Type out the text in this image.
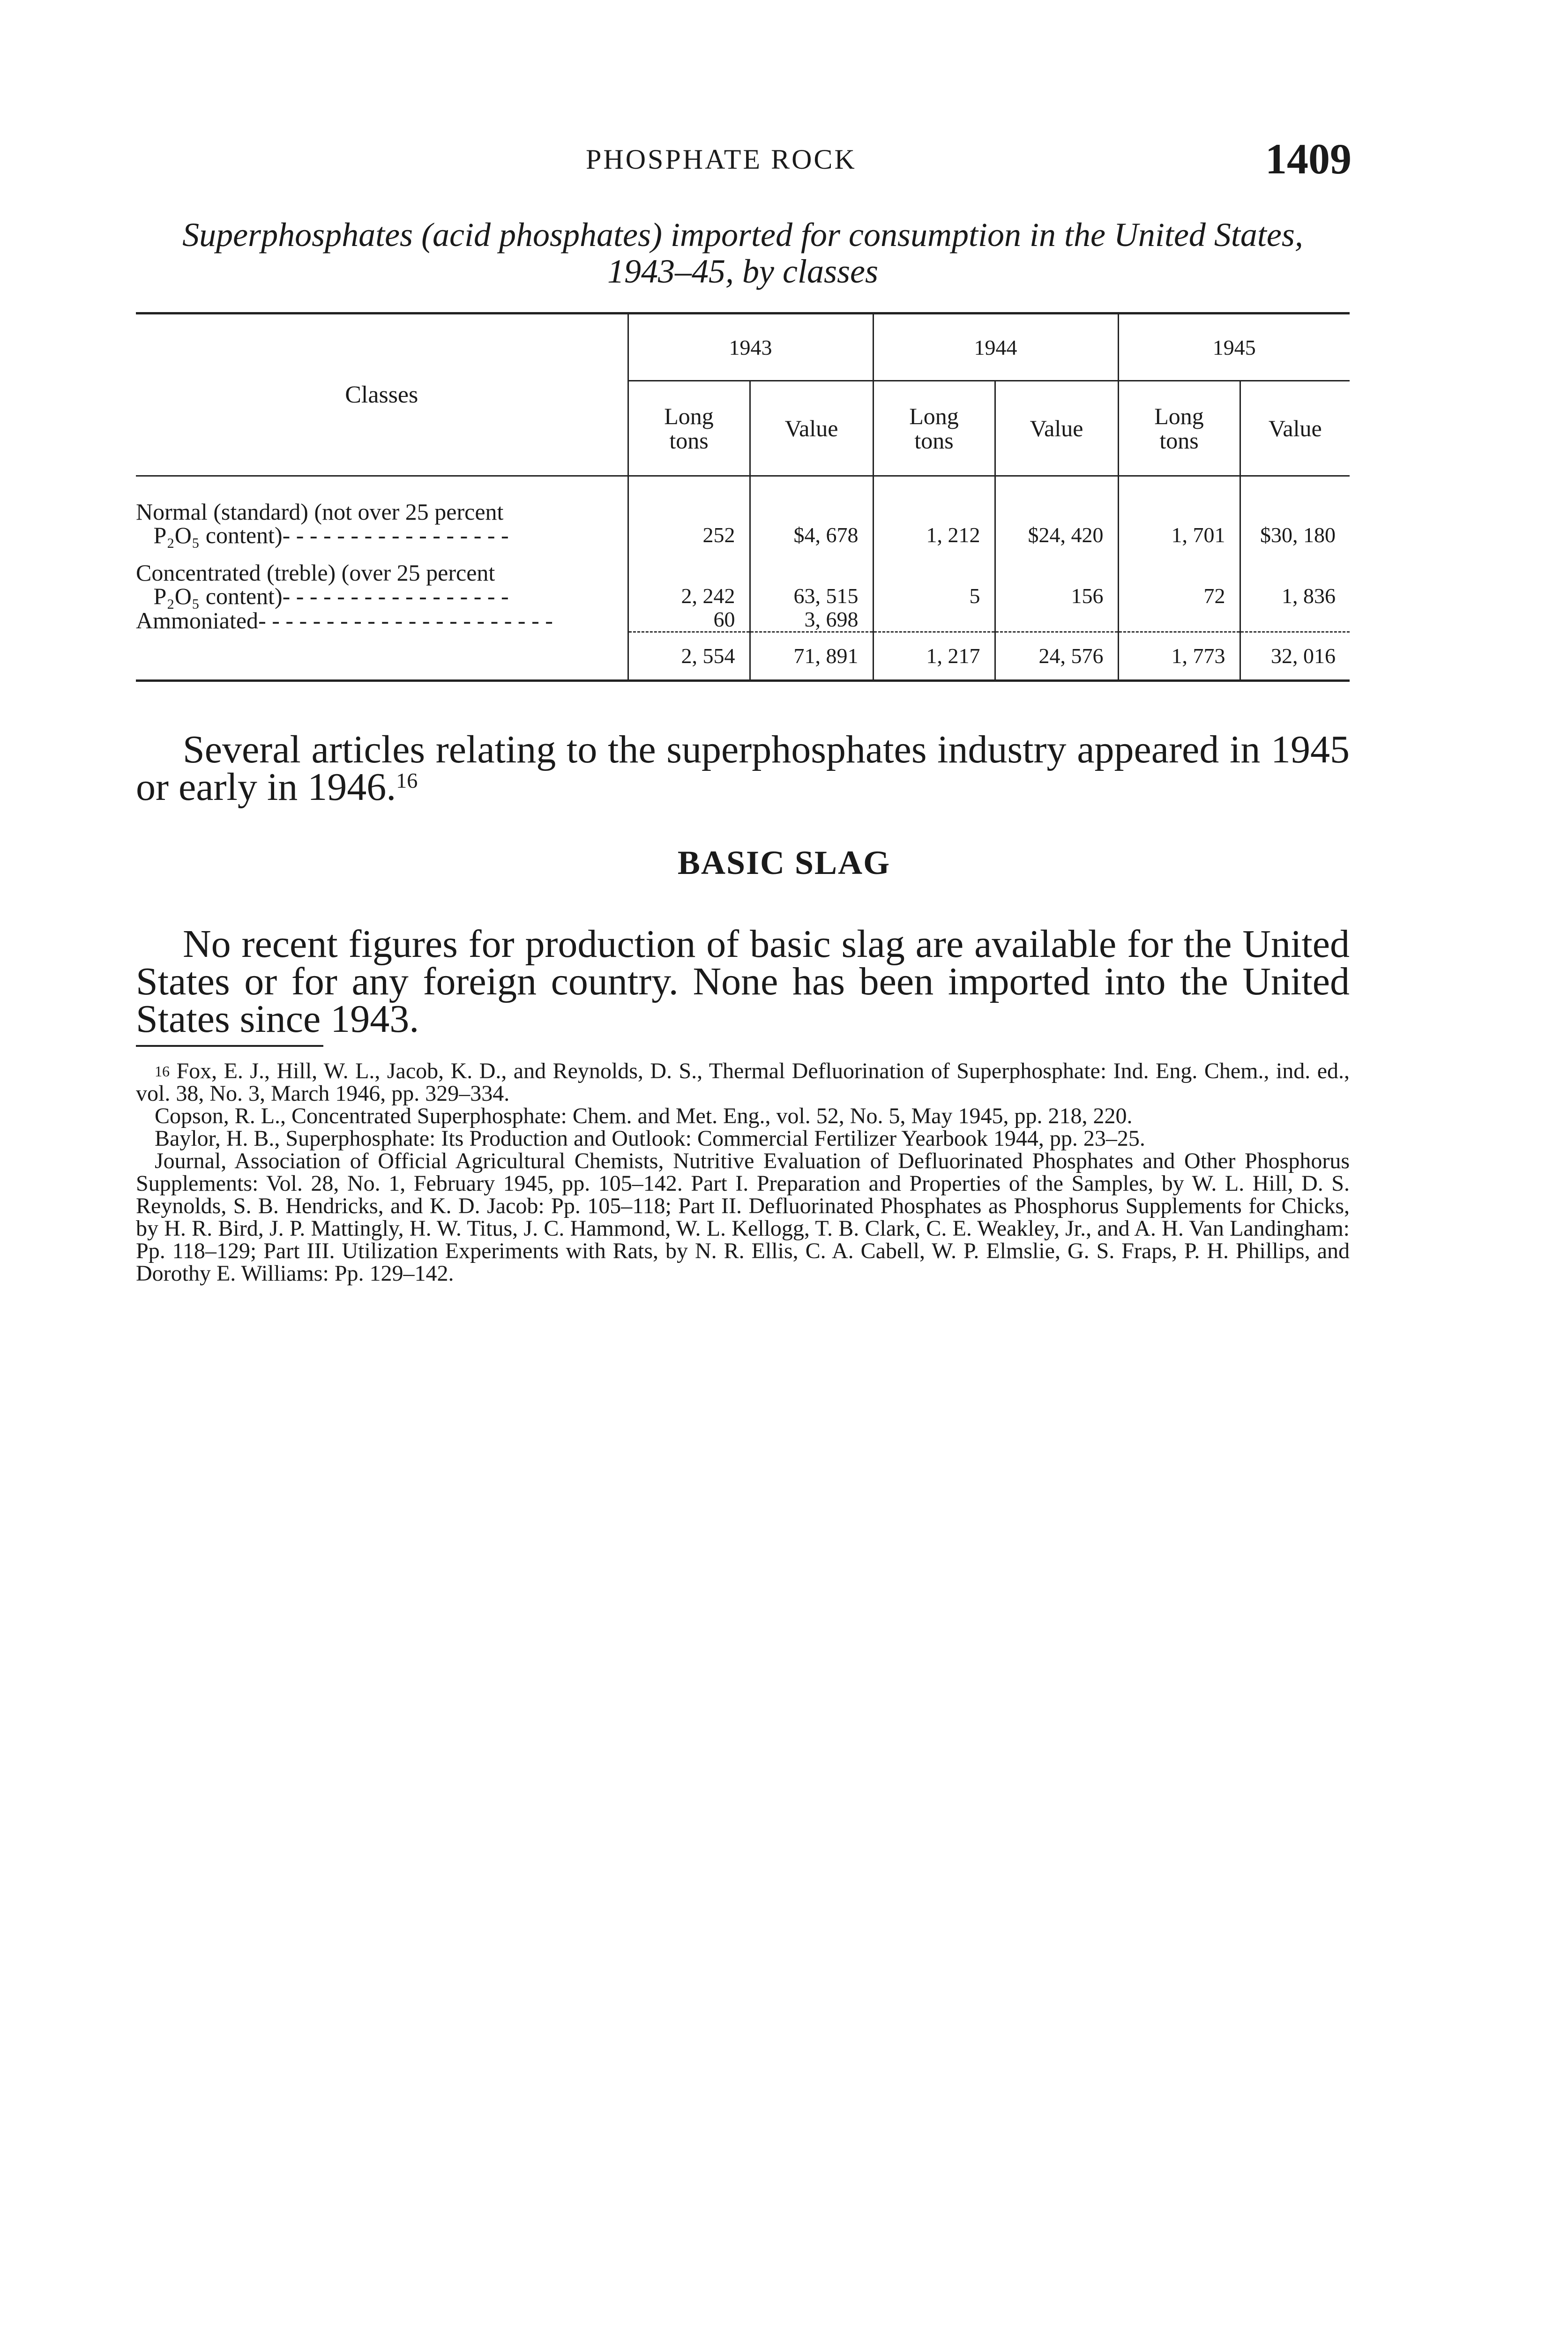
PHOSPHATE ROCK	1409
Superphosphates (acid phosphates) imported for consumption in the United States,
1943–45, by classes

Classes	1943		1944		1945	
	Long
tons	Value	Long
tons	Value	Long
tons	Value

Normal (standard) (not over 25 percent
P₂O₅ content)- - - - - - - - - - - - - - - - -	252	$4, 678	1, 212	$24, 420	1, 701	$30, 180

Concentrated (treble) (over 25 percent
P₂O₅ content)- - - - - - - - - - - - - - - - -	2, 242	63, 515	5	156	72	1, 836
Ammoniated- - - - - - - - - - - - - - - - - - - - - -	60	3, 698				

	2, 554	71, 891	1, 217	24, 576	1, 773	32, 016

Several articles relating to the superphosphates industry appeared in 1945 or early in 1946.16
BASIC SLAG
No recent figures for production of basic slag are available for the United States or for any foreign country. None has been imported into the United States since 1943.

$^{16}$ Fox, E. J., Hill, W. L., Jacob, K. D., and Reynolds, D. S., Thermal Defluorination of Superphosphate: Ind. Eng. Chem., ind. ed., vol. 38, No. 3, March 1946, pp. 329–334.

Copson, R. L., Concentrated Superphosphate: Chem. and Met. Eng., vol. 52, No. 5, May 1945, pp. 218, 220.

Baylor, H. B., Superphosphate: Its Production and Outlook: Commercial Fertilizer Yearbook 1944, pp. 23–25.

Journal, Association of Official Agricultural Chemists, Nutritive Evaluation of Defluorinated Phosphates and Other Phosphorus Supplements: Vol. 28, No. 1, February 1945, pp. 105–142. Part I. Preparation and Properties of the Samples, by W. L. Hill, D. S. Reynolds, S. B. Hendricks, and K. D. Jacob: Pp. 105–118; Part II. Defluorinated Phosphates as Phosphorus Supplements for Chicks, by H. R. Bird, J. P. Mattingly, H. W. Titus, J. C. Hammond, W. L. Kellogg, T. B. Clark, C. E. Weakley, Jr., and A. H. Van Landingham: Pp. 118–129; Part III. Utilization Experiments with Rats, by N. R. Ellis, C. A. Cabell, W. P. Elmslie, G. S. Fraps, P. H. Phillips, and Dorothy E. Williams: Pp. 129–142.
